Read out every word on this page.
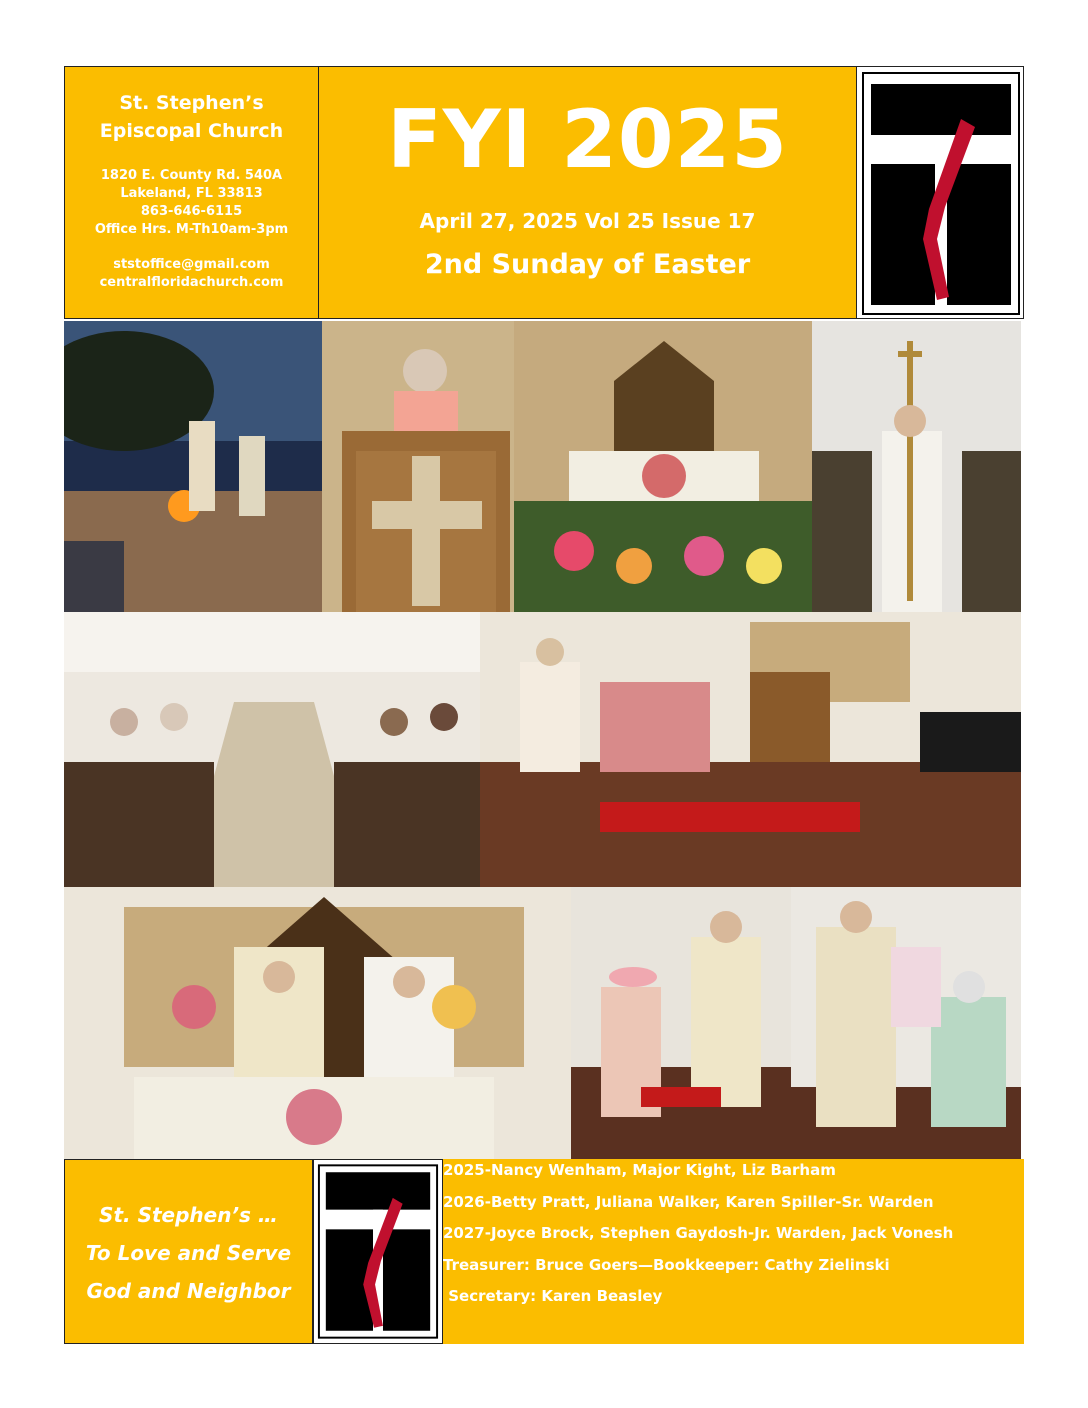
St. Stephen’s
Episcopal Church
1820 E. County Rd. 540A
Lakeland, FL 33813
863-646-6115
Office Hrs. M-Th10am-3pm
ststoffice@gmail.com
centralfloridachurch.com
FYI 2025
April 27, 2025 Vol 25 Issue 17
2nd Sunday of Easter
St. Stephen’s …
To Love and Serve
God and Neighbor
2025-Nancy Wenham, Major Kight, Liz Barham
2026-Betty Pratt, Juliana Walker, Karen Spiller-Sr. Warden
2027-Joyce Brock, Stephen Gaydosh-Jr. Warden, Jack Vonesh
Treasurer: Bruce Goers—Bookkeeper: Cathy Zielinski
Secretary: Karen Beasley
